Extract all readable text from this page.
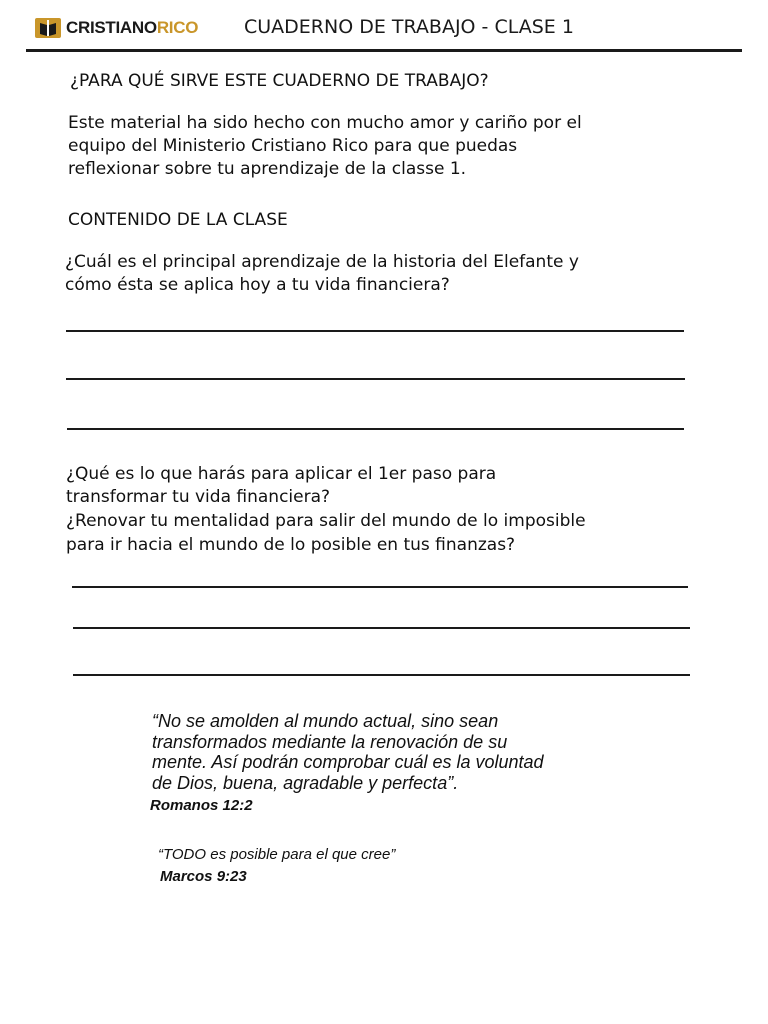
CRISTIANORICO CUADERNO DE TRABAJO - CLASE 1
¿PARA QUÉ SIRVE ESTE CUADERNO DE TRABAJO?
Este material ha sido hecho con mucho amor y cariño por el
equipo del Ministerio Cristiano Rico para que puedas
reflexionar sobre tu aprendizaje de la classe 1.
CONTENIDO DE LA CLASE
¿Cuál es el principal aprendizaje de la historia del Elefante y
cómo ésta se aplica hoy a tu vida financiera?
¿Qué es lo que harás para aplicar el 1er paso para
transformar tu vida financiera?
¿Renovar tu mentalidad para salir del mundo de lo imposible
para ir hacia el mundo de lo posible en tus finanzas?
“No se amolden al mundo actual, sino sean
transformados mediante la renovación de su
mente. Así podrán comprobar cuál es la voluntad
de Dios, buena, agradable y perfecta”.
Romanos 12:2
“TODO es posible para el que cree”
Marcos 9:23
